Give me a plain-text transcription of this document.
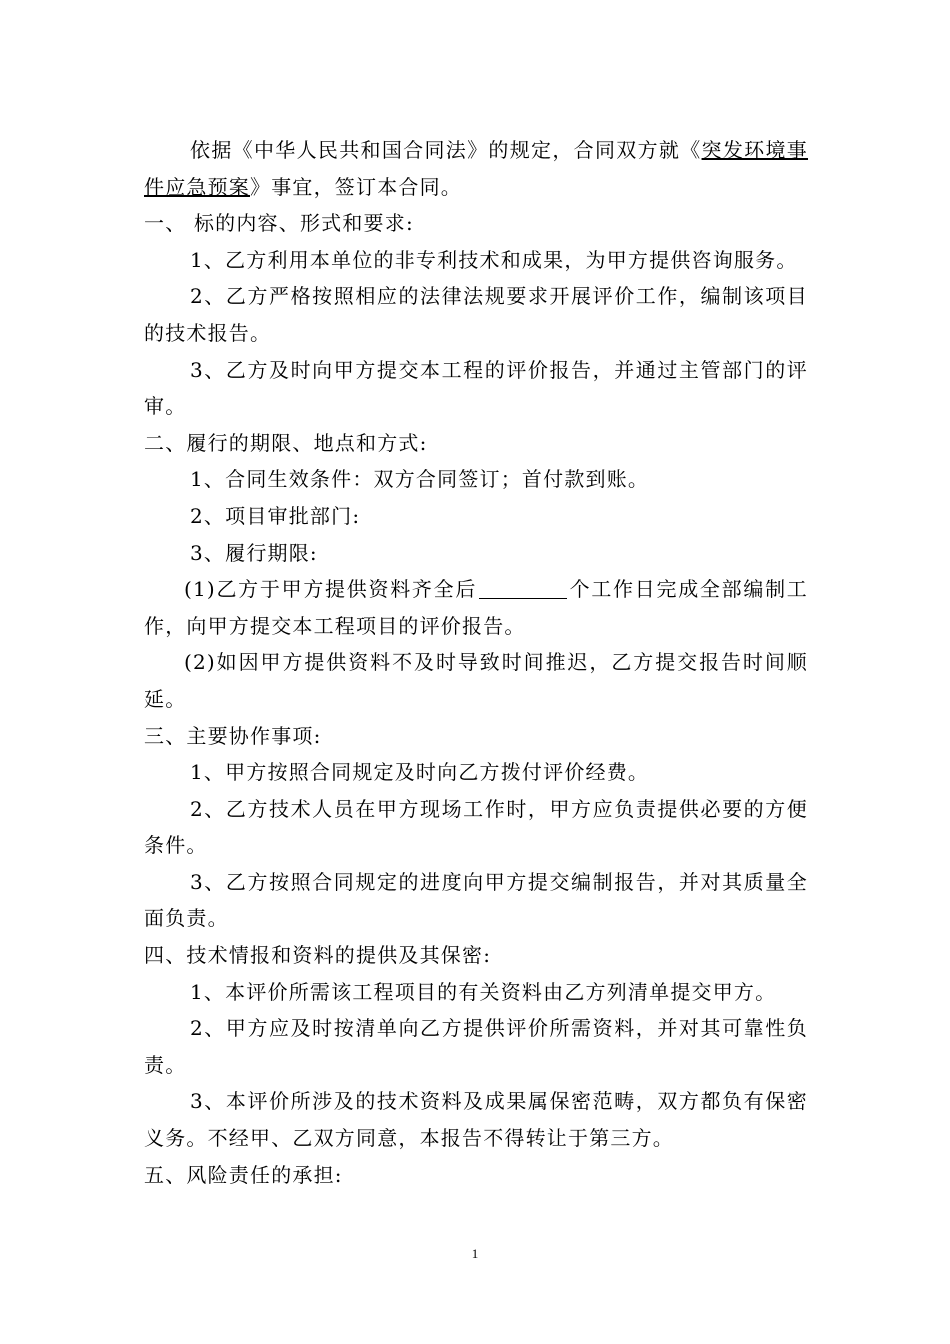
依据《中华人民共和国合同法》的规定，合同双方就《突发环境事件应急预案》事宜，签订本合同。

一、 标的内容、形式和要求:

1、乙方利用本单位的非专利技术和成果，为甲方提供咨询服务。

2、乙方严格按照相应的法律法规要求开展评价工作，编制该项目的技术报告。

3、乙方及时向甲方提交本工程的评价报告，并通过主管部门的评审。

二、履行的期限、地点和方式:

1、合同生效条件：双方合同签订；首付款到账。

2、项目审批部门:

3、履行期限:

(1)乙方于甲方提供资料齐全后	个工作日完成全部编制工作，向甲方提交本工程项目的评价报告。

(2)如因甲方提供资料不及时导致时间推迟，乙方提交报告时间顺延。

三、主要协作事项:

1、甲方按照合同规定及时向乙方拨付评价经费。

2、乙方技术人员在甲方现场工作时，甲方应负责提供必要的方便条件。

3、乙方按照合同规定的进度向甲方提交编制报告，并对其质量全面负责。

四、技术情报和资料的提供及其保密:

1、本评价所需该工程项目的有关资料由乙方列清单提交甲方。

2、甲方应及时按清单向乙方提供评价所需资料，并对其可靠性负责。

3、本评价所涉及的技术资料及成果属保密范畴，双方都负有保密义务。不经甲、乙双方同意，本报告不得转让于第三方。

五、风险责任的承担:

1
